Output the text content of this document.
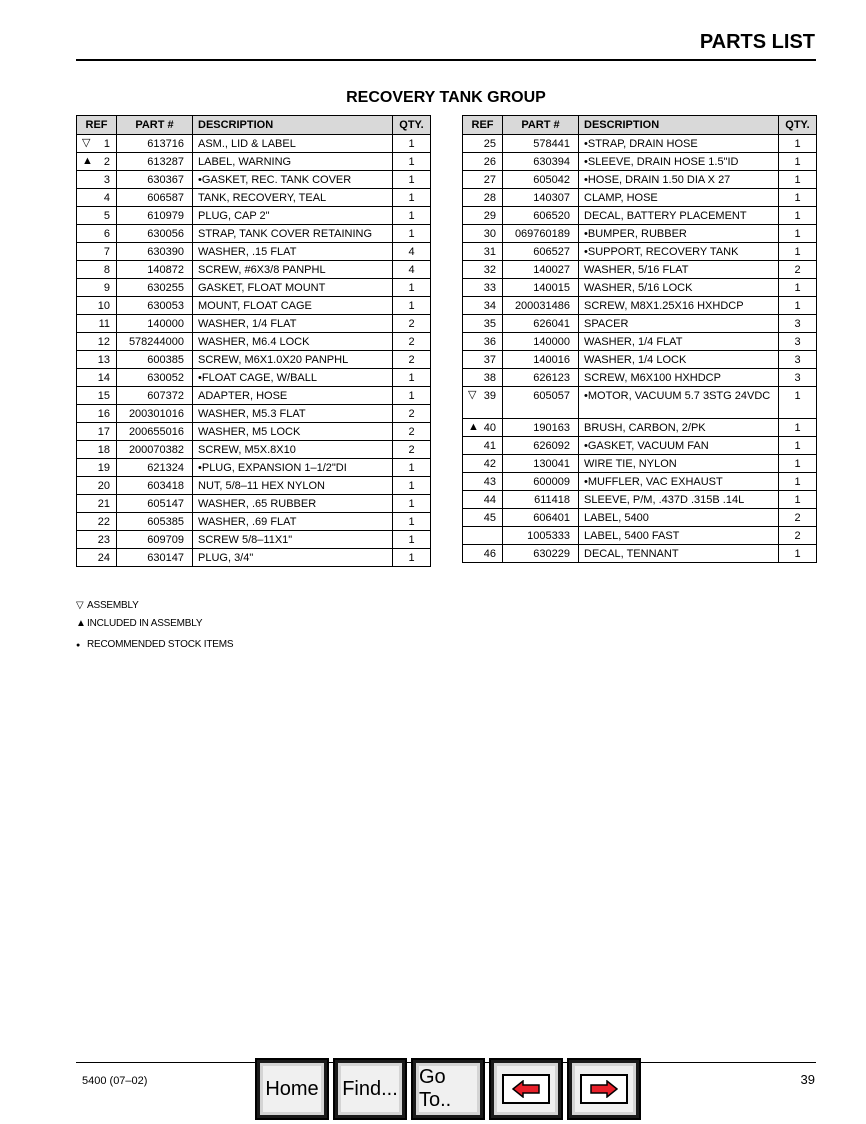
PARTS LIST
RECOVERY TANK GROUP
REF	PART #	DESCRIPTION	QTY.

▽ 1	613716	ASM., LID & LABEL	1

▲ 2	613287	LABEL, WARNING	1
3	630367	•GASKET, REC. TANK COVER	1
4	606587	TANK, RECOVERY, TEAL	1
5	610979	PLUG, CAP 2"	1
6	630056	STRAP, TANK COVER RETAINING	1
7	630390	WASHER, .15 FLAT	4
8	140872	SCREW, #6X3/8 PANPHL	4
9	630255	GASKET, FLOAT MOUNT	1
10	630053	MOUNT, FLOAT CAGE	1
11	140000	WASHER, 1/4 FLAT	2
12	578244000	WASHER, M6.4 LOCK	2
13	600385	SCREW, M6X1.0X20 PANPHL	2
14	630052	•FLOAT CAGE, W/BALL	1
15	607372	ADAPTER, HOSE	1
16	200301016	WASHER, M5.3 FLAT	2
17	200655016	WASHER, M5 LOCK	2
18	200070382	SCREW, M5X.8X10	2
19	621324	•PLUG, EXPANSION 1–1/2"DI	1
20	603418	NUT, 5/8–11 HEX NYLON	1
21	605147	WASHER, .65 RUBBER	1
22	605385	WASHER, .69 FLAT	1
23	609709	SCREW 5/8–11X1"	1
24	630147	PLUG, 3/4"	1
REF	PART #	DESCRIPTION	QTY.
25	578441	•STRAP, DRAIN HOSE	1
26	630394	•SLEEVE, DRAIN HOSE 1.5"ID	1
27	605042	•HOSE, DRAIN 1.50 DIA X 27	1
28	140307	CLAMP, HOSE	1
29	606520	DECAL, BATTERY PLACEMENT	1
30	069760189	•BUMPER, RUBBER	1
31	606527	•SUPPORT, RECOVERY TANK	1
32	140027	WASHER, 5/16 FLAT	2
33	140015	WASHER, 5/16 LOCK	1
34	200031486	SCREW, M8X1.25X16 HXHDCP	1
35	626041	SPACER	3
36	140000	WASHER, 1/4 FLAT	3
37	140016	WASHER, 1/4 LOCK	3
38	626123	SCREW, M6X100 HXHDCP	3

▽ 39	605057	•MOTOR, VACUUM 5.7 3STG 24VDC	1

▲ 40	190163	BRUSH, CARBON, 2/PK	1
41	626092	•GASKET, VACUUM FAN	1
42	130041	WIRE TIE, NYLON	1
43	600009	•MUFFLER, VAC EXHAUST	1
44	611418	SLEEVE, P/M, .437D .315B .14L	1
45	606401	LABEL, 5400	2
	1005333	LABEL, 5400 FAST	2
46	630229	DECAL, TENNANT	1
▽ ASSEMBLY
▲INCLUDED IN ASSEMBLY
● RECOMMENDED STOCK ITEMS
5400 (07–02)	39
Home	Find...
Go To..
